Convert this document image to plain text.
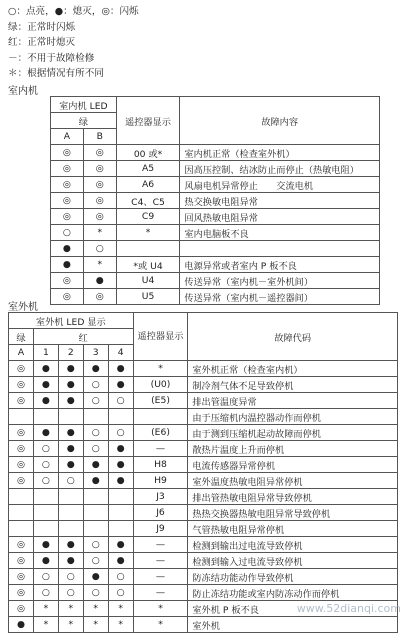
○：点亮，●：熄灭，◎：闪烁
绿：正常时闪烁
红：正常时熄灭
－：不用于故障检修
＊：根据情况有所不同
室内机
室内机 LED		遥控器显示	故障内容
绿			
A	B		
◎	◎	00 或*	室内机正常（检查室外机）
◎	◎	A5	因高压控制、结冰防止而停止（热敏电阻）
◎	◎	A6	风扇电机异常停止　　交流电机
◎	◎	C4、C5	热交换敏电阻异常
◎	◎	C9	回风热敏电阻异常
○	*	*	室内电脑板不良
●	○		
●	*	*或 U4	电源异常或者室内 P 板不良
◎	●	U4	传送异常（室内机－室外机间）
◎	◎	U5	传送异常（室内机－遥控器间）
室外机
室外机 LED 显示					遥控器显示	故障代码
绿	红					
A	1	2	3	4		
◎	●	●	●	●	*	室外机正常（检查室内机）
◎	●	●	○	●	(U0)	制冷剂气体不足导致停机
◎	●	●	○	○	(E5)	排出管温度异常
						由于压缩机内温控器动作而停机
◎	●	●	○	○	(E6)	由于测到压缩机起动故障而停机
◎	○	●	○	●	—	散热片温度上升而停机
◎	○	●	●	●	H8	电流传感器异常停机
◎	○	○	●	●	H9	室外温度热敏电阻异常停机
					J3	排出管热敏电阻异常导致停机
					J6	热热交换器热敏电阻异常导致停机
					J9	气管热敏电阻异常停机
◎	●	●	○	●	—	检测到输出过电流导致停机
◎	●	●	○	●	—	检测到输入过电流导致停机
◎	○	○	●	○	—	防冻结功能动作导致停机
◎	○	○	○	○	—	防止冻结功能或室内防冻动作而停机
◎	*	*	*	*	*	室外机 P 板不良
●	*	*	*	*	*	室外机
www.52dianqi.com
